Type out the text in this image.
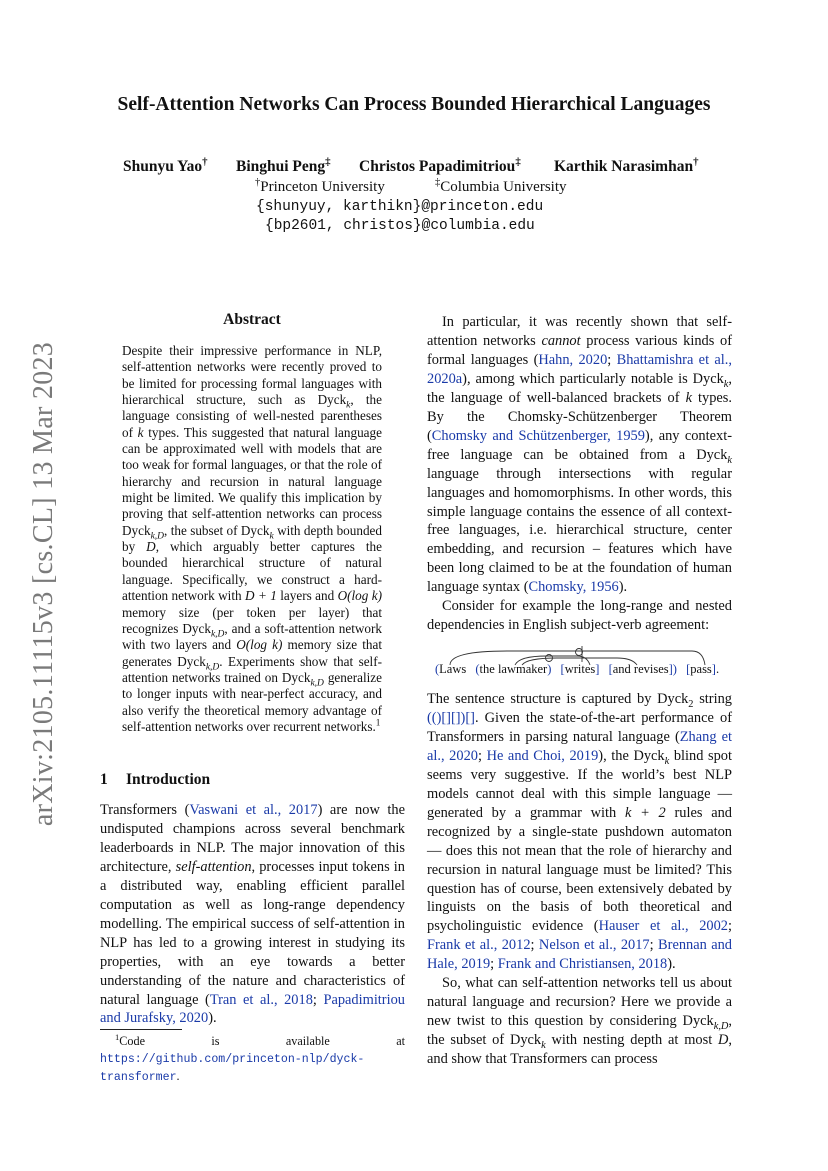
arXiv:2105.11115v3 [cs.CL] 13 Mar 2023
Self-Attention Networks Can Process Bounded Hierarchical Languages
Shunyu Yao† Binghui Peng‡ Christos Papadimitriou‡ Karthik Narasimhan†
†Princeton University	‡Columbia University
{shunyuy, karthikn}@princeton.edu
{bp2601, christos}@columbia.edu
Abstract
Despite their impressive performance in NLP, self-attention networks were recently proved to be limited for processing formal languages with hierarchical structure, such as Dyck$_k$, the language consisting of well-nested parentheses of k types. This suggested that natural language can be approximated well with models that are too weak for formal languages, or that the role of hierarchy and recursion in natural language might be limited. We qualify this implication by proving that self-attention networks can process Dyck$_{k,D}$, the subset of Dyck$_k$ with depth bounded by D, which arguably better captures the bounded hierarchical structure of natural language. Specifically, we construct a hard-attention network with D + 1 layers and O(log k) memory size (per token per layer) that recognizes Dyck$_{k,D}$, and a soft-attention network with two layers and O(log k) memory size that generates Dyck$_{k,D}$. Experiments show that self-attention networks trained on Dyck$_{k,D}$ generalize to longer inputs with near-perfect accuracy, and also verify the theoretical memory advantage of self-attention networks over recurrent networks.$^1$
1 Introduction

Transformers (Vaswani et al., 2017) are now the undisputed champions across several benchmark leaderboards in NLP. The major innovation of this architecture, self-attention, processes input tokens in a distributed way, enabling efficient parallel computation as well as long-range dependency modelling. The empirical success of self-attention in NLP has led to a growing interest in studying its properties, with an eye towards a better understanding of the nature and characteristics of natural language (Tran et al., 2018; Papadimitriou and Jurafsky, 2020).

$^1$Code is available at https://github.com/princeton-nlp/dyck-transformer.

In particular, it was recently shown that self-attention networks cannot process various kinds of formal languages (Hahn, 2020; Bhattamishra et al., 2020a), among which particularly notable is Dyck$_k$, the language of well-balanced brackets of k types. By the Chomsky-Schützenberger Theorem (Chomsky and Schützenberger, 1959), any context-free language can be obtained from a Dyck$_k$ language through intersections with regular languages and homomorphisms. In other words, this simple language contains the essence of all context-free languages, i.e. hierarchical structure, center embedding, and recursion – features which have been long claimed to be at the foundation of human language syntax (Chomsky, 1956).

Consider for example the long-range and nested dependencies in English subject-verb agreement:

(Laws (the lawmaker) [writes] [and revises]) [pass].

The sentence structure is captured by Dyck$_2$ string (()[][])[]. Given the state-of-the-art performance of Transformers in parsing natural language (Zhang et al., 2020; He and Choi, 2019), the Dyck$_k$ blind spot seems very suggestive. If the world’s best NLP models cannot deal with this simple language — generated by a grammar with k + 2 rules and recognized by a single-state pushdown automaton — does this not mean that the role of hierarchy and recursion in natural language must be limited? This question has of course, been extensively debated by linguists on the basis of both theoretical and psycholinguistic evidence (Hauser et al., 2002; Frank et al., 2012; Nelson et al., 2017; Brennan and Hale, 2019; Frank and Christiansen, 2018).

So, what can self-attention networks tell us about natural language and recursion? Here we provide a new twist to this question by considering Dyck$_{k,D}$, the subset of Dyck$_k$ with nesting depth at most D, and show that Transformers can process
